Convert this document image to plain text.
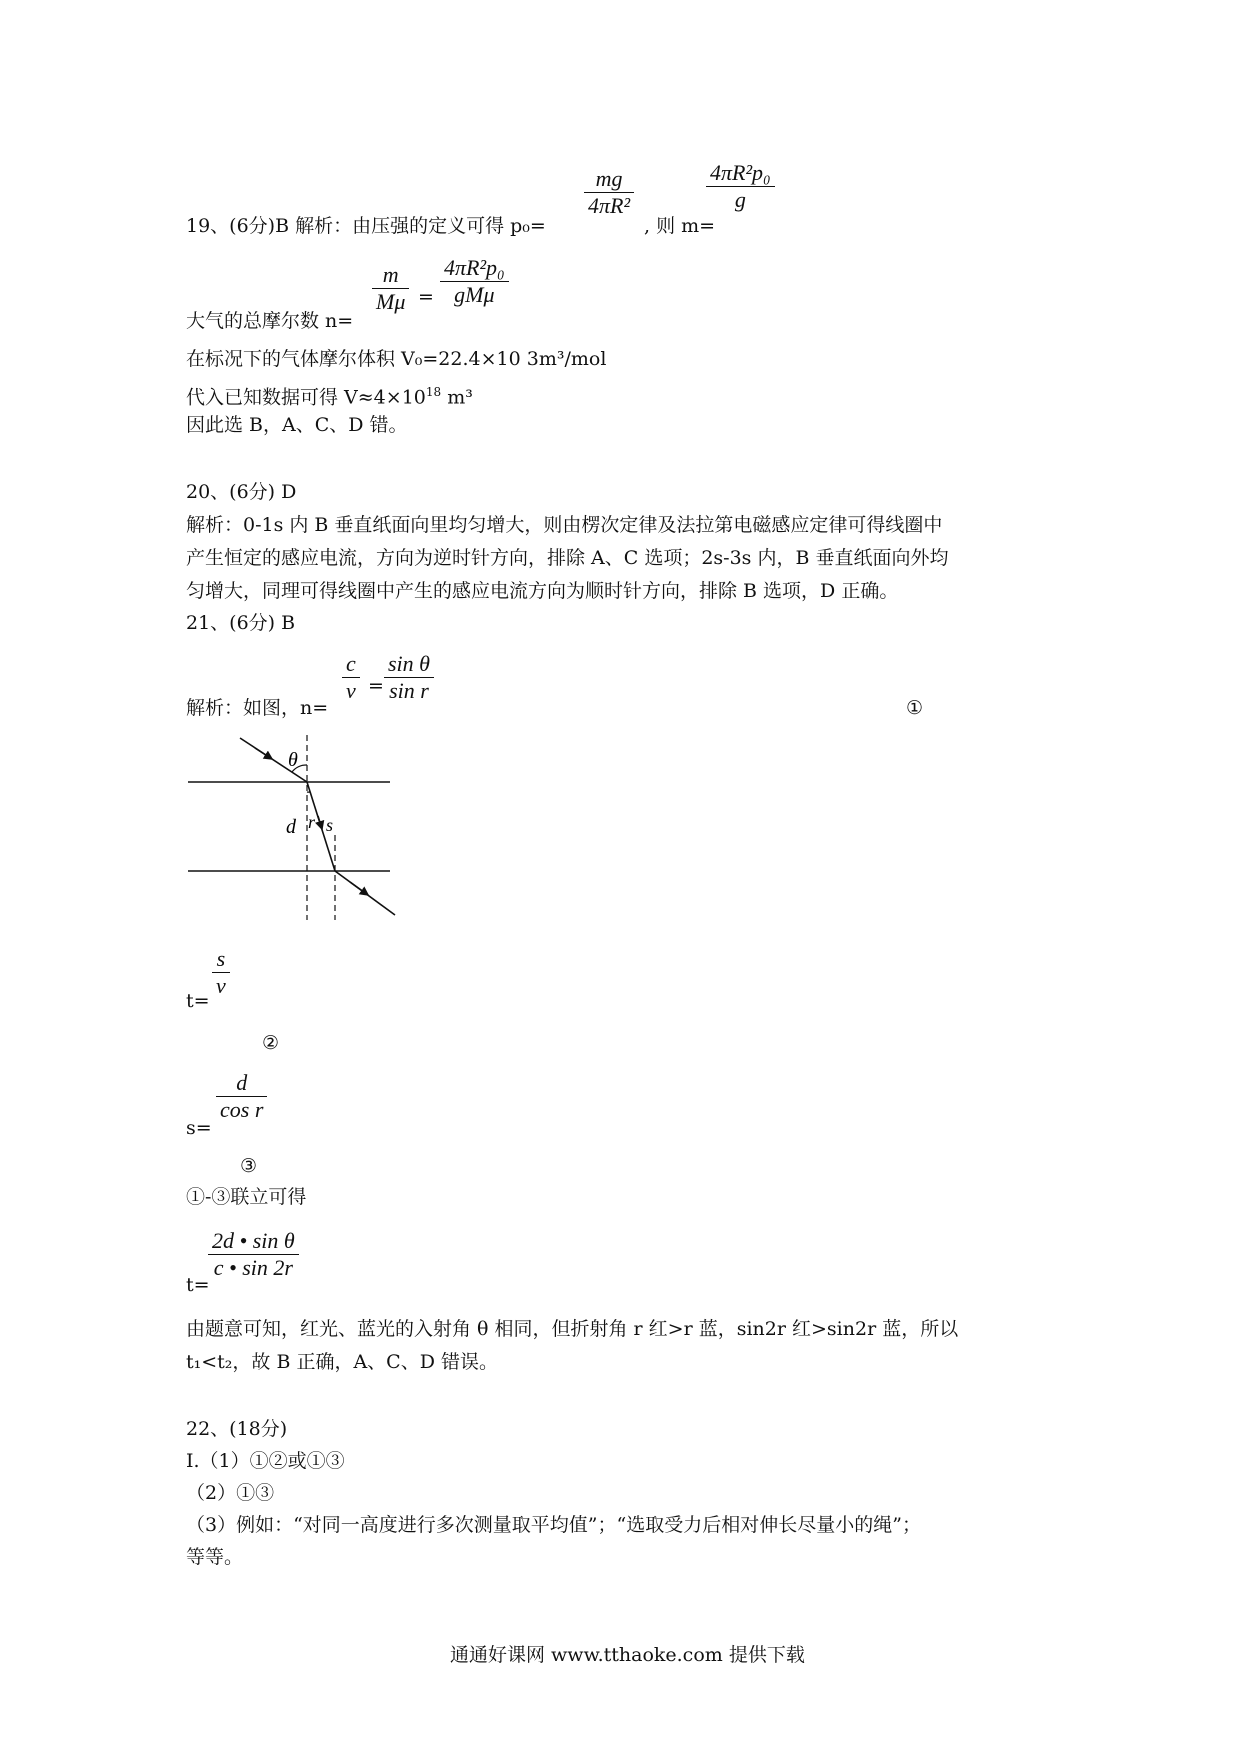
19、(6分)B 解析：由压强的定义可得 p₀=
mg
4πR²
, 则 m=
4πR²p₀
g
大气的总摩尔数 n=
m
Mμ =
4πR²p₀
gMμ
在标况下的气体摩尔体积 V₀=22.4×10 3m³/mol
代入已知数据可得 $V\approx 4\times 10^{18}$ m³
因此选 B，A、C、D 错。
20、(6分) D
解析：0-1s 内 B 垂直纸面向里均匀增大，则由楞次定律及法拉第电磁感应定律可得线圈中
产生恒定的感应电流，方向为逆时针方向，排除 A、C 选项；2s-3s 内，B 垂直纸面向外均
匀增大，同理可得线圈中产生的感应电流方向为顺时针方向，排除 B 选项，D 正确。
21、(6分) B
解析：如图，n=
c
v =
sin θ
sin r
①
θ
d r s
t=
s
v
②
s=
d
cos r
③
①-③联立可得
t=
2d • sin θ
c • sin 2r
由题意可知，红光、蓝光的入射角 θ 相同，但折射角 r 红>r 蓝，sin2r 红>sin2r 蓝，所以
t₁<t₂，故 B 正确，A、C、D 错误。
22、(18分)
Ⅰ.（1）①②或①③
（2）①③
（3）例如：“对同一高度进行多次测量取平均值”；“选取受力后相对伸长尽量小的绳”；
等等。
通通好课网 www.tthaoke.com 提供下载
